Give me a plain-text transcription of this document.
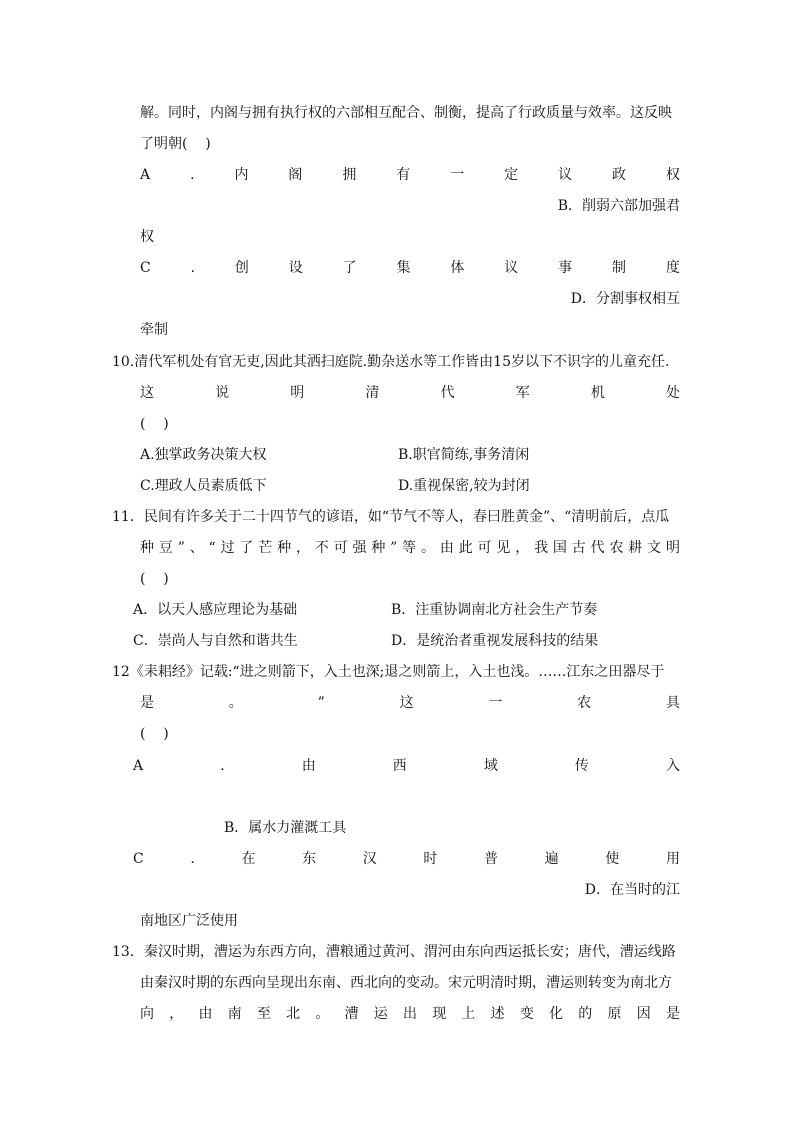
解。同时，内阁与拥有执行权的六部相互配合、制衡，提高了行政质量与效率。这反映
了明朝(    )
A	.	内	阁	拥	有	一	定	议	政	权
B．削弱六部加强君
权
C	.	创	设	了	集	体	议	事	制	度
D．分割事权相互
牵制
10.清代军机处有官无吏,因此其洒扫庭院.勤杂送水等工作皆由15岁以下不识字的儿童充任.
这	说	明	清	代	军	机	处
(    )
A.独掌政务决策大权	B.职官简练,事务清闲
C.理政人员素质低下	D.重视保密,较为封闭
11．民间有许多关于二十四节气的谚语，如“节气不等人，春曰胜黄金”、“清明前后，点瓜
种 豆 ” 、 “ 过 了 芒 种 ， 不 可 强 种 ” 等 。 由 此 可 见 ， 我 国 古 代 农 耕 文 明
(    )
A．以天人感应理论为基础	B．注重协调南北方社会生产节奏
C．崇尚人与自然和谐共生	D．是统治者重视发展科技的结果
12《耒耜经》记载:“进之则箭下，入土也深;退之则箭上，入土也浅。……江东之田器尽于
是	。	”	这	一	农	具
(    )
A	.	由	西	域	传	入
B．属水力灌溉工具
C	.	在	东	汉	时	普	遍	使	用
D．在当时的江
南地区广泛使用
13．秦汉时期，漕运为东西方向，漕粮通过黄河、渭河由东向西运抵长安；唐代，漕运线路
由秦汉时期的东西向呈现出东南、西北向的变动。宋元明清时期，漕运则转变为南北方
向 ， 由 南 至 北 。 漕 运 出 现 上 述 变 化 的 原 因 是
